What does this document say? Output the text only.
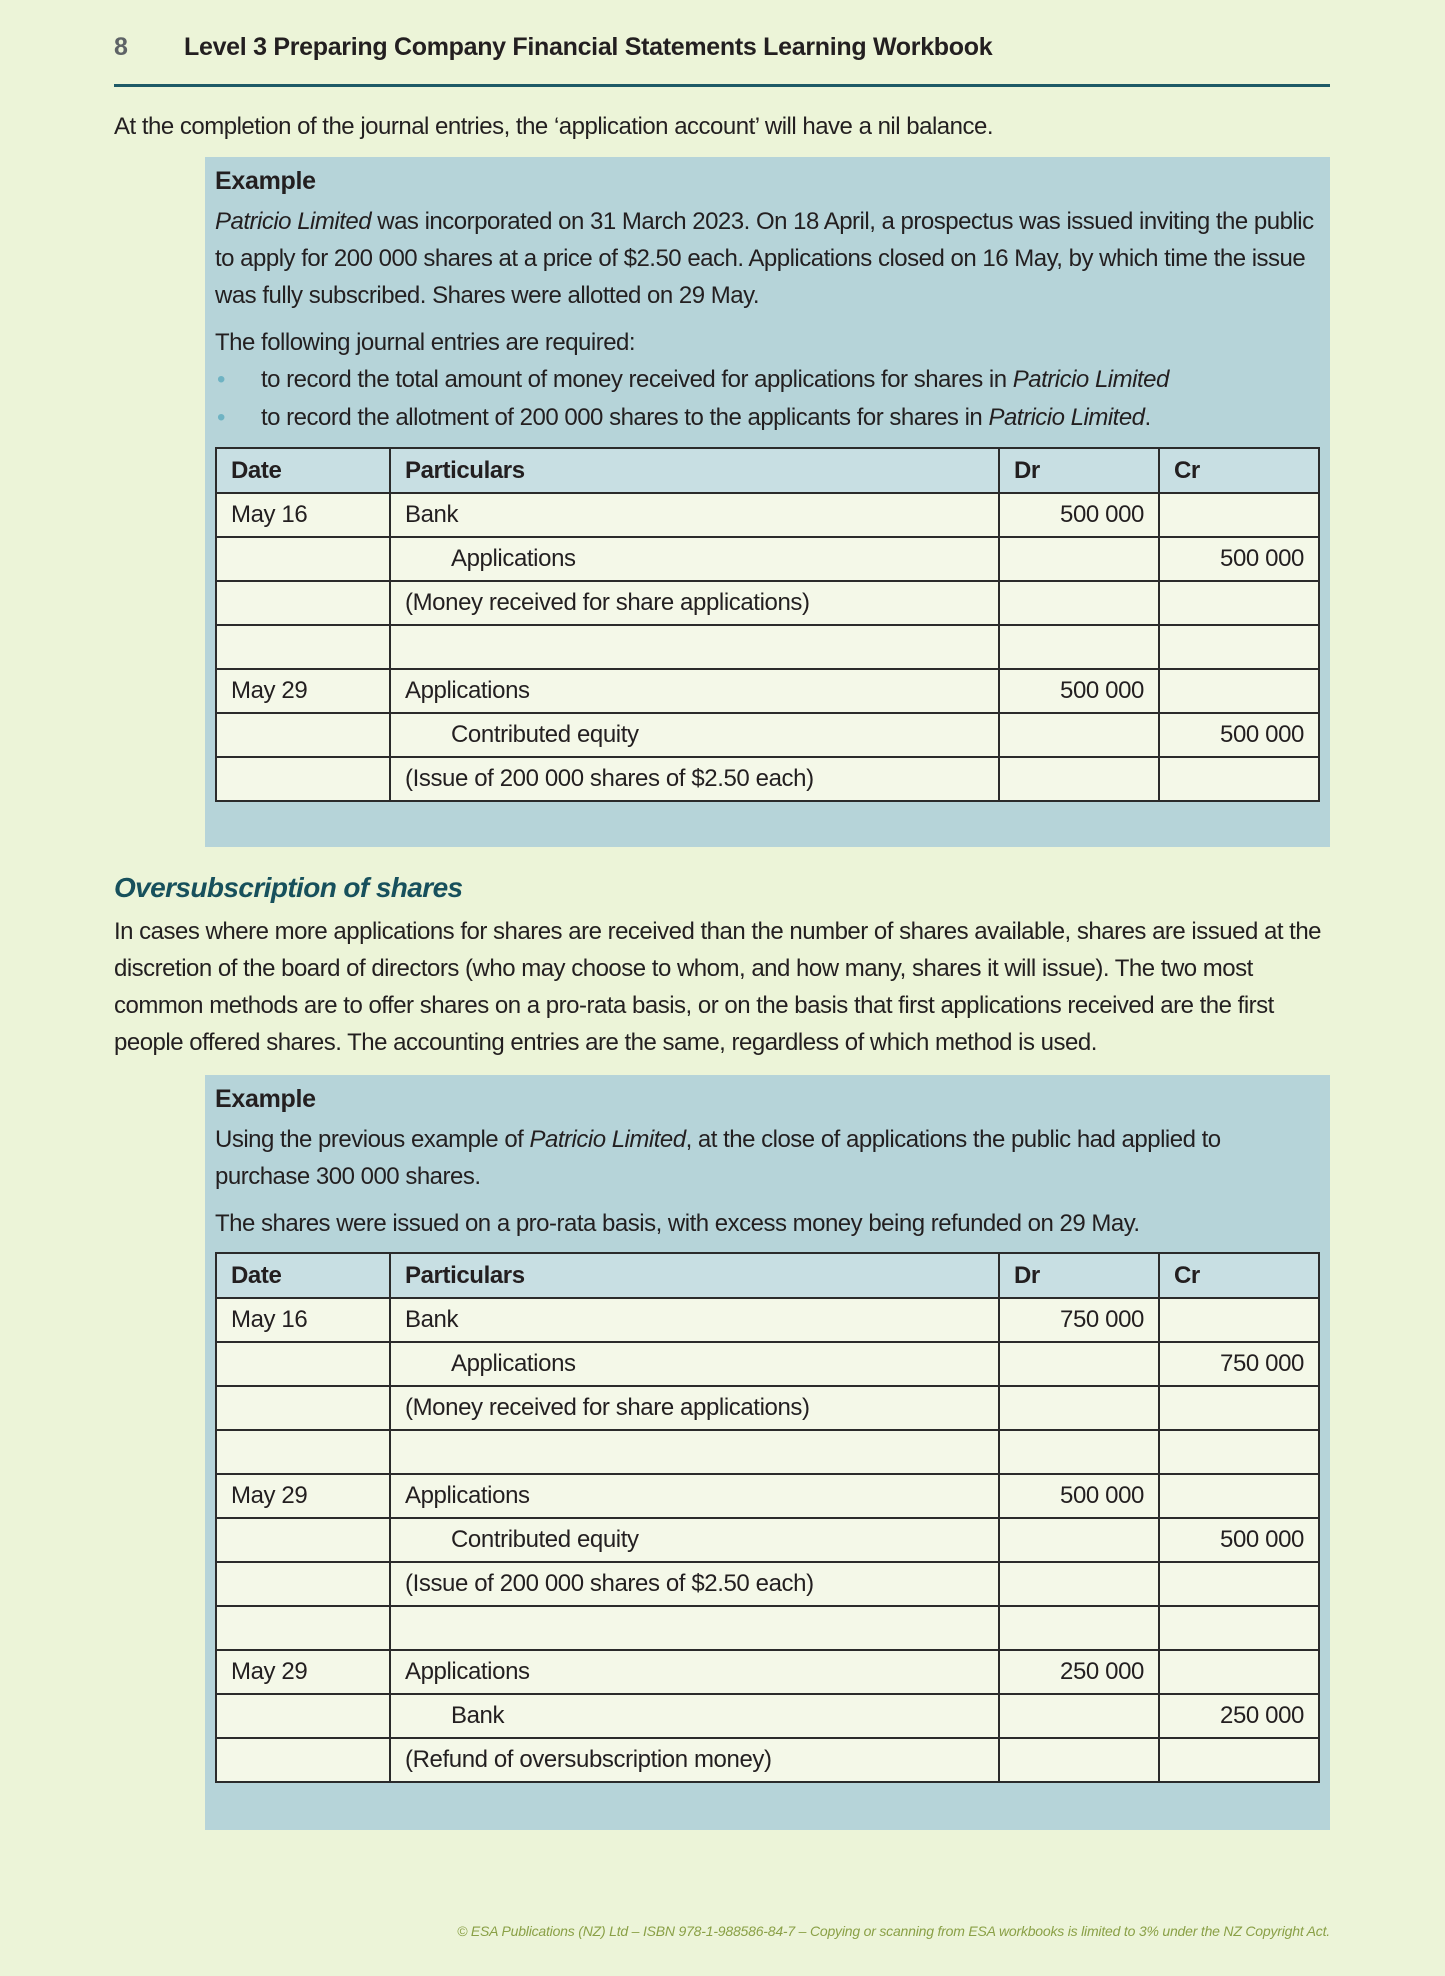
8 Level 3 Preparing Company Financial Statements Learning Workbook

At the completion of the journal entries, the ‘application account’ will have a nil balance.

Example

Patricio Limited was incorporated on 31 March 2023. On 18 April, a prospectus was issued inviting the public to apply for 200 000 shares at a price of $2.50 each. Applications closed on 16 May, by which time the issue was fully subscribed. Shares were allotted on 29 May.

The following journal entries are required:

• to record the total amount of money received for applications for shares in Patricio Limited
• to record the allotment of 200 000 shares to the applicants for shares in Patricio Limited.
Date	Particulars	Dr	Cr
May 16	Bank	500 000	
	Applications		500 000
	(Money received for share applications)		

May 29	Applications	500 000	
	Contributed equity		500 000
	(Issue of 200 000 shares of $2.50 each)		
Oversubscription of shares

In cases where more applications for shares are received than the number of shares available, shares are issued at the discretion of the board of directors (who may choose to whom, and how many, shares it will issue). The two most common methods are to offer shares on a pro-rata basis, or on the basis that first applications received are the first people offered shares. The accounting entries are the same, regardless of which method is used.

Example

Using the previous example of Patricio Limited, at the close of applications the public had applied to purchase 300 000 shares.

The shares were issued on a pro-rata basis, with excess money being refunded on 29 May.

Date	Particulars	Dr	Cr
May 16	Bank	750 000	
	Applications		750 000
	(Money received for share applications)		

May 29	Applications	500 000	
	Contributed equity		500 000
	(Issue of 200 000 shares of $2.50 each)		

May 29	Applications	250 000	
	Bank		250 000
	(Refund of oversubscription money)		
© ESA Publications (NZ) Ltd – ISBN 978-1-988586-84-7 – Copying or scanning from ESA workbooks is limited to 3% under the NZ Copyright Act.
